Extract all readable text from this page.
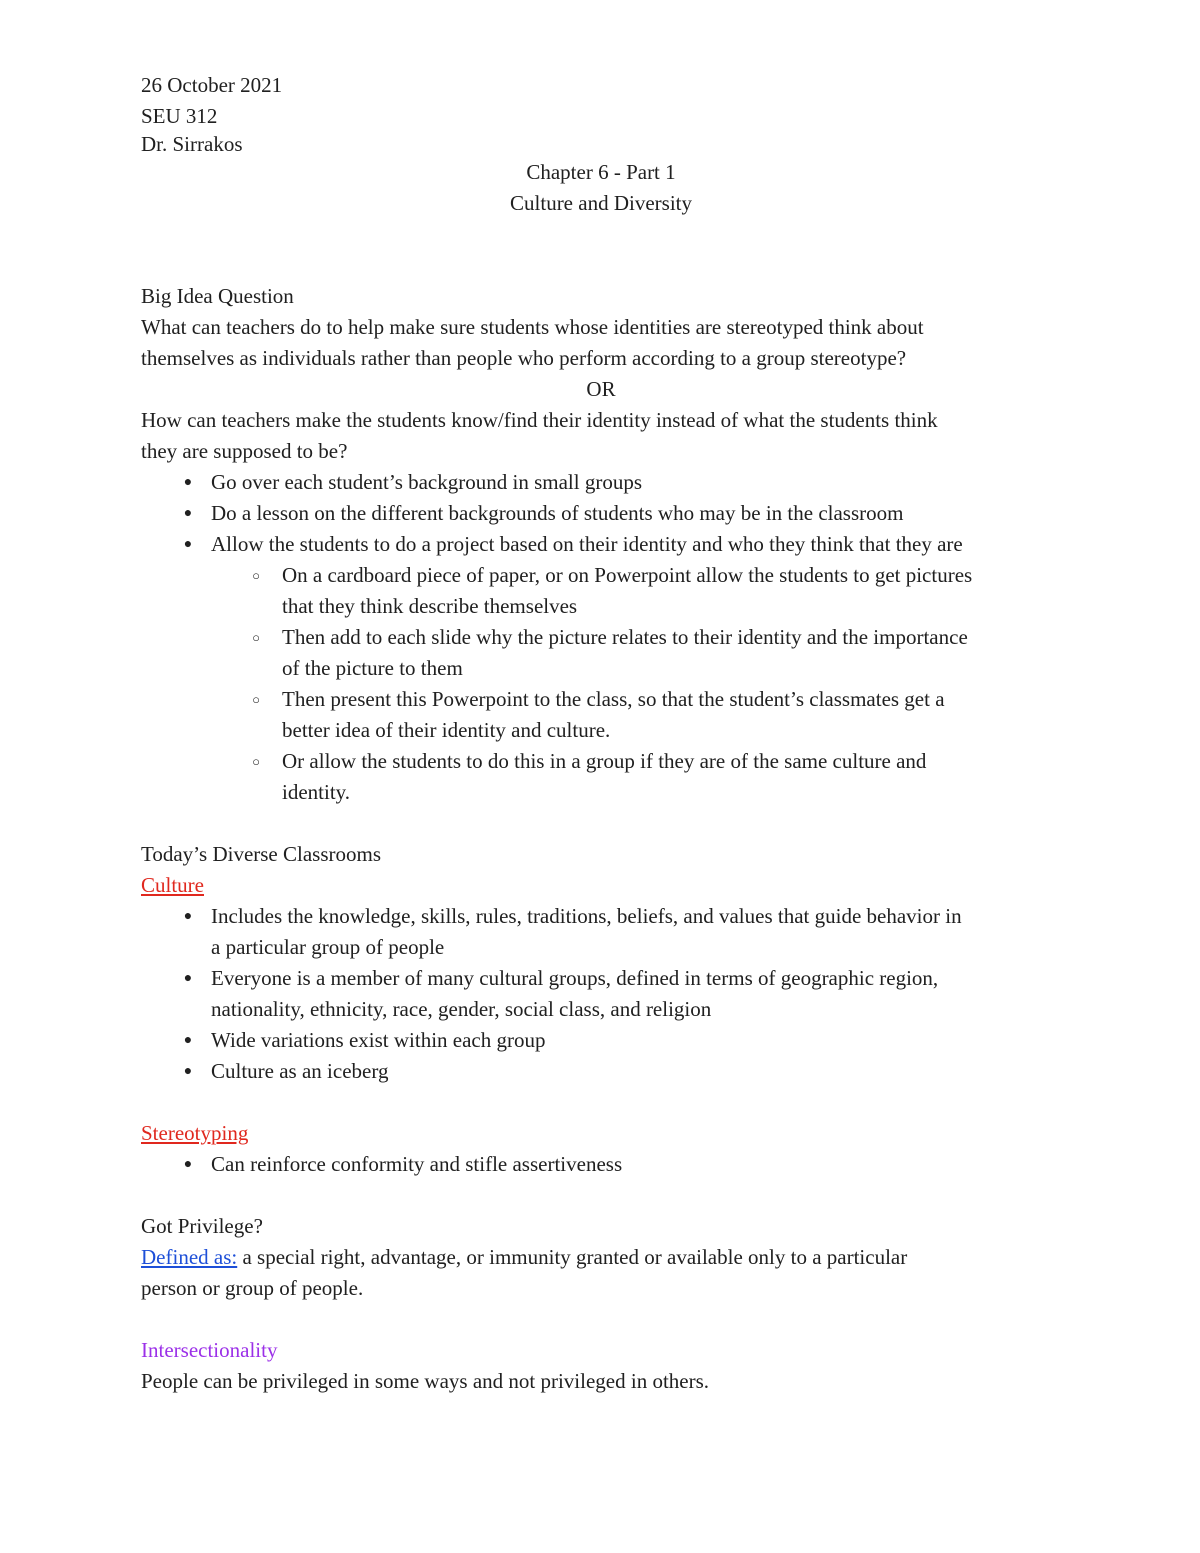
26 October 2021
SEU 312
Dr. Sirrakos
Chapter 6 - Part 1
Culture and Diversity
Big Idea Question
What can teachers do to help make sure students whose identities are stereotyped think about
themselves as individuals rather than people who perform according to a group stereotype?
OR
How can teachers make the students know/find their identity instead of what the students think
they are supposed to be?
● Go over each student’s background in small groups
● Do a lesson on the different backgrounds of students who may be in the classroom
● Allow the students to do a project based on their identity and who they think that they are
○ On a cardboard piece of paper, or on Powerpoint allow the students to get pictures
that they think describe themselves
○ Then add to each slide why the picture relates to their identity and the importance
of the picture to them
○ Then present this Powerpoint to the class, so that the student’s classmates get a
better idea of their identity and culture.
○ Or allow the students to do this in a group if they are of the same culture and
identity.
Today’s Diverse Classrooms
Culture
● Includes the knowledge, skills, rules, traditions, beliefs, and values that guide behavior in
a particular group of people
● Everyone is a member of many cultural groups, defined in terms of geographic region,
nationality, ethnicity, race, gender, social class, and religion
● Wide variations exist within each group
● Culture as an iceberg
Stereotyping
● Can reinforce conformity and stifle assertiveness
Got Privilege?
Defined as: a special right, advantage, or immunity granted or available only to a particular
person or group of people.
Intersectionality
People can be privileged in some ways and not privileged in others.
